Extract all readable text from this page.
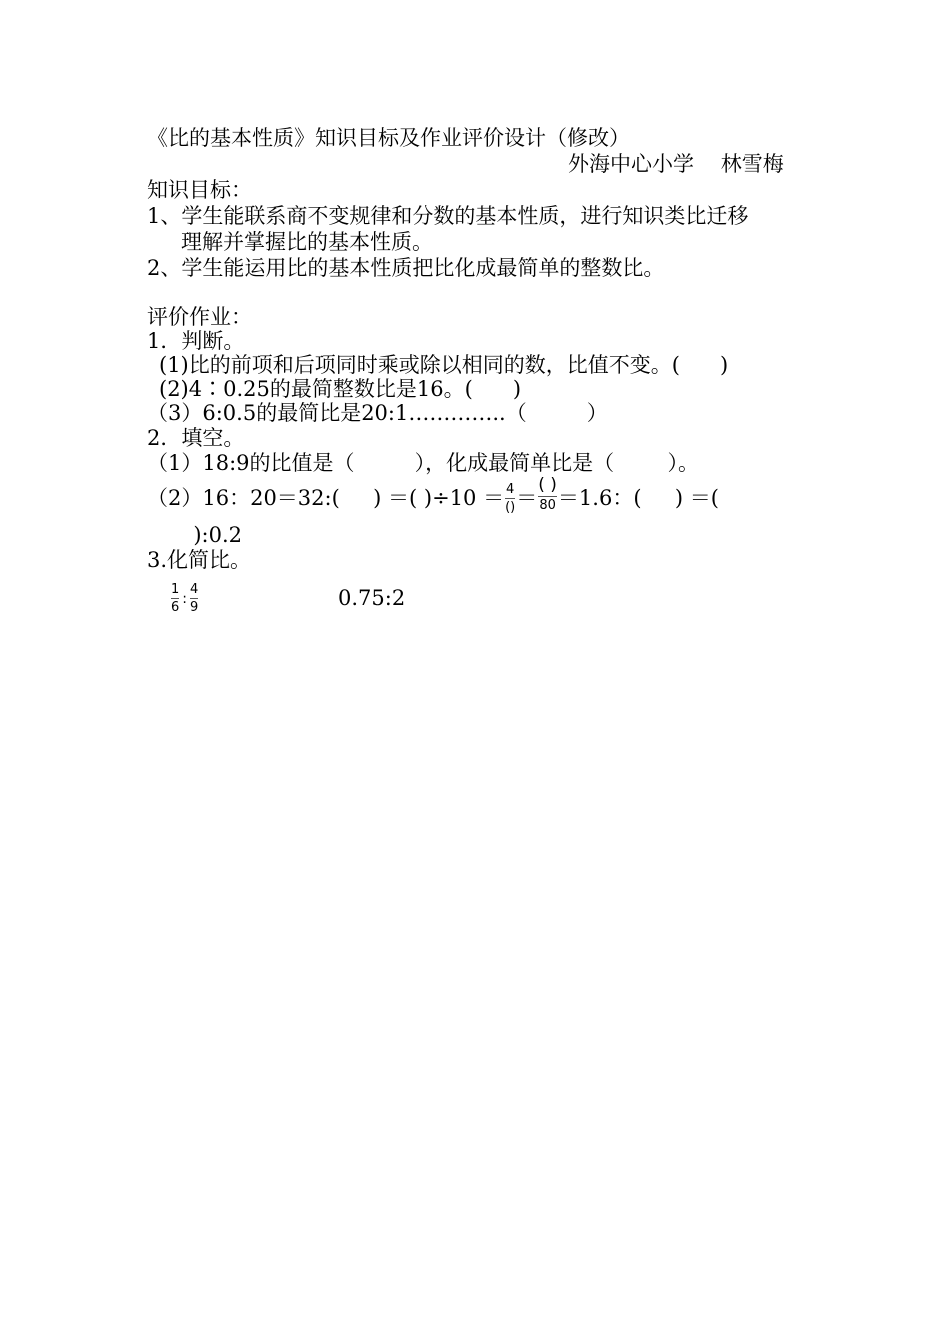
《比的基本性质》知识目标及作业评价设计（修改）
外海中心小学    林雪梅
知识目标：
1、学生能联系商不变规律和分数的基本性质，进行知识类比迁移
理解并掌握比的基本性质。
2、学生能运用比的基本性质把比化成最简单的整数比。
评价作业：
1．判断。
(1)比的前项和后项同时乘或除以相同的数，比值不变。(      )
(2)4∶0.25的最简整数比是16。(      )
（3）6:0.5的最简比是20:1…………..（         ）
2．填空。
（1）18:9的比值是（         ），化成最简单比是（        ）。
（2）16：20＝32:(     ) ＝( )$\div 10 = \frac{4}{()} = \frac{( )}{80} =1.6$：(     ) ＝(
):0.2
3.化简比。
$\frac{1}{6}$ : $\frac{4}{9}$	0.75:2
